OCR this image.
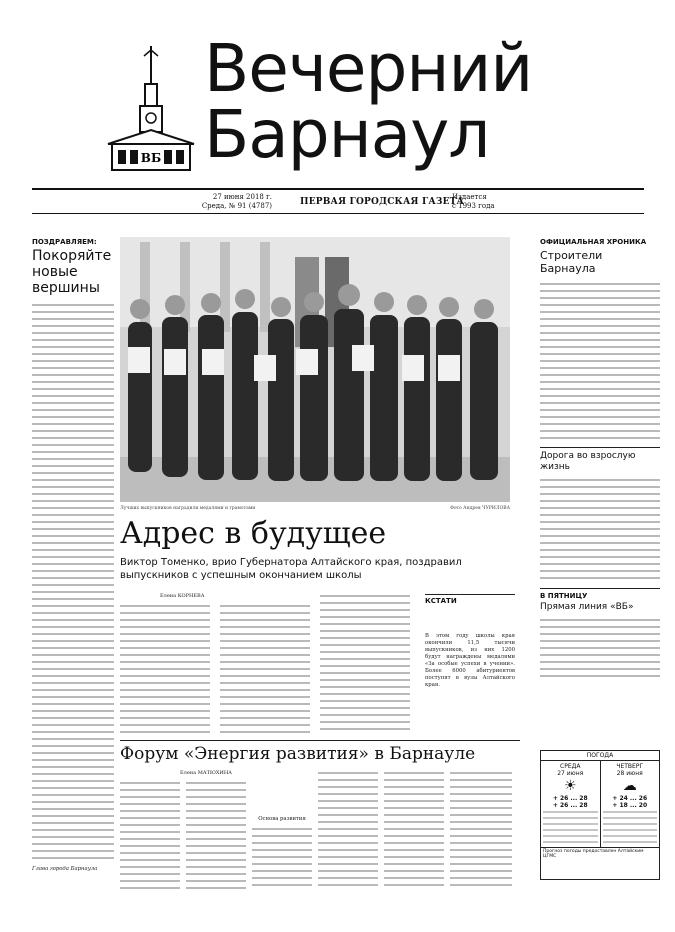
ВБ
Вечерний
Барнаул
27 июня 2018 г.
Среда, № 91 (4787)	ПЕРВАЯ ГОРОДСКАЯ ГАЗЕТА
Издается
с 1993 года
ПОЗДРАВЛЯЕМ:
Покоряйте новые вершины
Глава города Барнаула
Лучших выпускников наградили медалями и грамотами	Фото Андрея ЧУРИЛОВА
Адрес в будущее
Виктор Томенко, врио Губернатора Алтайского края, поздравил выпускников с успешным окончанием школы
Елена КОРНЕВА
КСТАТИ
В этом году школы края окончили 11,5 тысячи выпускников, из них 1200 будут награждены медалями «За особые успехи в учении». Более 6000 абитуриентов поступят в вузы Алтайского края.
Форум «Энергия развития» в Барнауле
Елена МАТЮХИНА
Основа развития
ОФИЦИАЛЬНАЯ ХРОНИКА
Строители Барнаула
Дорога во взрослую жизнь
В ПЯТНИЦУ
Прямая линия «ВБ»
ПОГОДА
СРЕДА
27 июня
☀
+ 26 ... 28
+ 26 ... 28
ЧЕТВЕРГ
28 июня
☁
+ 24 ... 26
+ 18 ... 20
Прогноз погоды предоставлен Алтайским ЦГМС
